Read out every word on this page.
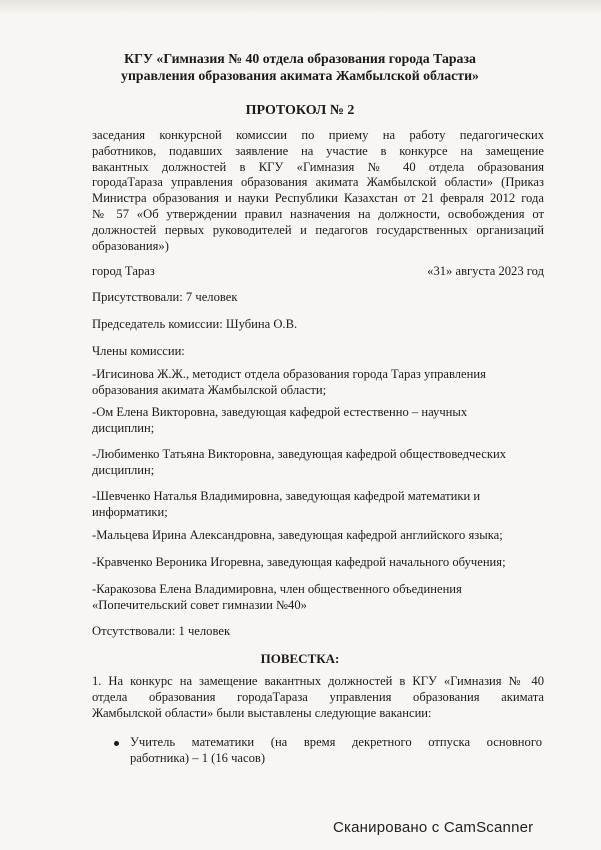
КГУ «Гимназия № 40 отдела образования города Тараза
управления образования акимата Жамбылской области»
ПРОТОКОЛ № 2
заседания конкурсной комиссии по приему на работу педагогических
работников, подавших заявление на участие в конкурсе на замещение
вакантных должностей в КГУ «Гимназия № 40 отдела образования
городаТараза управления образования акимата Жамбылской области» (Приказ
Министра образования и науки Республики Казахстан от 21 февраля 2012 года
№ 57 «Об утверждении правил назначения на должности, освобождения от
должностей первых руководителей и педагогов государственных организаций
образования»)
город Тараз	«31» августа 2023 год
Присутствовали: 7 человек
Председатель комиссии: Шубина О.В.
Члены комиссии:
-Игисинова Ж.Ж., методист отдела образования города Тараз управления
образования акимата Жамбылской области;
-Ом Елена Викторовна, заведующая кафедрой естественно – научных
дисциплин;
-Любименко Татьяна Викторовна, заведующая кафедрой обществоведческих
дисциплин;
-Шевченко Наталья Владимировна, заведующая кафедрой математики и
информатики;
-Мальцева Ирина Александровна, заведующая кафедрой английского языка;
-Кравченко Вероника Игоревна, заведующая кафедрой начального обучения;
-Каракозова Елена Владимировна, член общественного объединения
«Попечительский совет гимназии №40»
Отсутствовали: 1 человек
ПОВЕСТКА:
1. На конкурс на замещение вакантных должностей в КГУ «Гимназия № 40
отдела образования городаТараза управления образования акимата
Жамбылской области» были выставлены следующие вакансии:
Учитель математики (на время декретного отпуска основного
работника) – 1 (16 часов)
Сканировано с CamScanner
